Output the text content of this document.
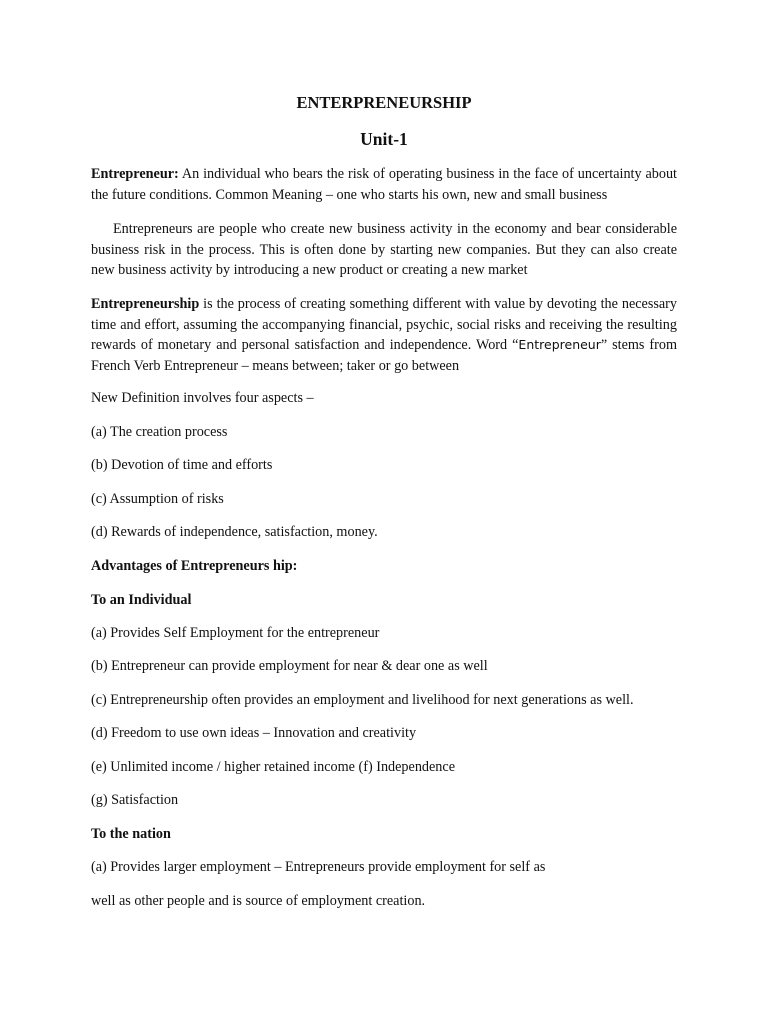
ENTERPRENEURSHIP
Unit-1

Entrepreneur: An individual who bears the risk of operating business in the face of uncertainty about the future conditions. Common Meaning – one who starts his own, new and small business

Entrepreneurs are people who create new business activity in the economy and bear considerable business risk in the process. This is often done by starting new companies. But they can also create new business activity by introducing a new product or creating a new market

Entrepreneurship is the process of creating something different with value by devoting the necessary time and effort, assuming the accompanying financial, psychic, social risks and receiving the resulting rewards of monetary and personal satisfaction and independence. Word “Entrepreneur” stems from French Verb Entrepreneur – means between; taker or go between

New Definition involves four aspects –

(a) The creation process

(b) Devotion of time and efforts

(c) Assumption of risks

(d) Rewards of independence, satisfaction, money.

Advantages of Entrepreneurs hip:

To an Individual

(a) Provides Self Employment for the entrepreneur

(b) Entrepreneur can provide employment for near & dear one as well

(c) Entrepreneurship often provides an employment and livelihood for next generations as well.

(d) Freedom to use own ideas – Innovation and creativity

(e) Unlimited income / higher retained income (f) Independence

(g) Satisfaction

To the nation

(a) Provides larger employment – Entrepreneurs provide employment for self as

well as other people and is source of employment creation.
